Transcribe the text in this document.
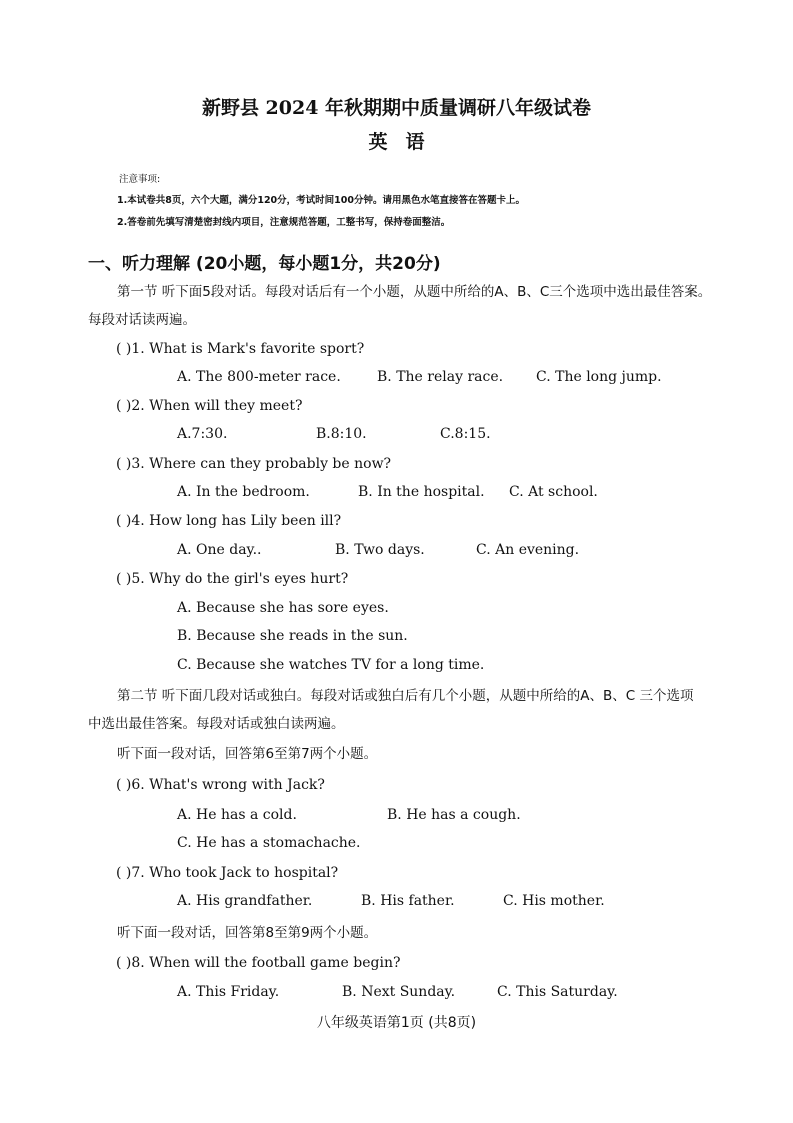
新野县 2024 年秋期期中质量调研八年级试卷
英语
注意事项:
1.本试卷共8页，六个大题，满分120分，考试时间100分钟。请用黑色水笔直接答在答题卡上。
2.答卷前先填写清楚密封线内项目，注意规范答题，工整书写，保持卷面整洁。
一、听力理解 (20小题，每小题1分，共20分)
第一节 听下面5段对话。每段对话后有一个小题，从题中所给的A、B、C三个选项中选出最佳答案。
每段对话读两遍。
( )1. What is Mark's favorite sport?
A. The 800-meter race.	B. The relay race. C. The long jump.
( )2. When will they meet?
A.7:30.	B.8:10.	C.8:15.
( )3. Where can they probably be now?
A. In the bedroom.	B. In the hospital. C. At school.
( )4. How long has Lily been ill?
A. One day..	B. Two days.	C. An evening.
( )5. Why do the girl's eyes hurt?
A. Because she has sore eyes.
B. Because she reads in the sun.
C. Because she watches TV for a long time.
第二节 听下面几段对话或独白。每段对话或独白后有几个小题，从题中所给的A、B、C 三个选项
中选出最佳答案。每段对话或独白读两遍。
听下面一段对话，回答第6至第7两个小题。
( )6. What's wrong with Jack?
A. He has a cold.	B. He has a cough.
C. He has a stomachache.
( )7. Who took Jack to hospital?
A. His grandfather.	B. His father.	C. His mother.
听下面一段对话，回答第8至第9两个小题。
( )8. When will the football game begin?
A. This Friday.	B. Next Sunday.	C. This Saturday.
八年级英语第1页 (共8页)
